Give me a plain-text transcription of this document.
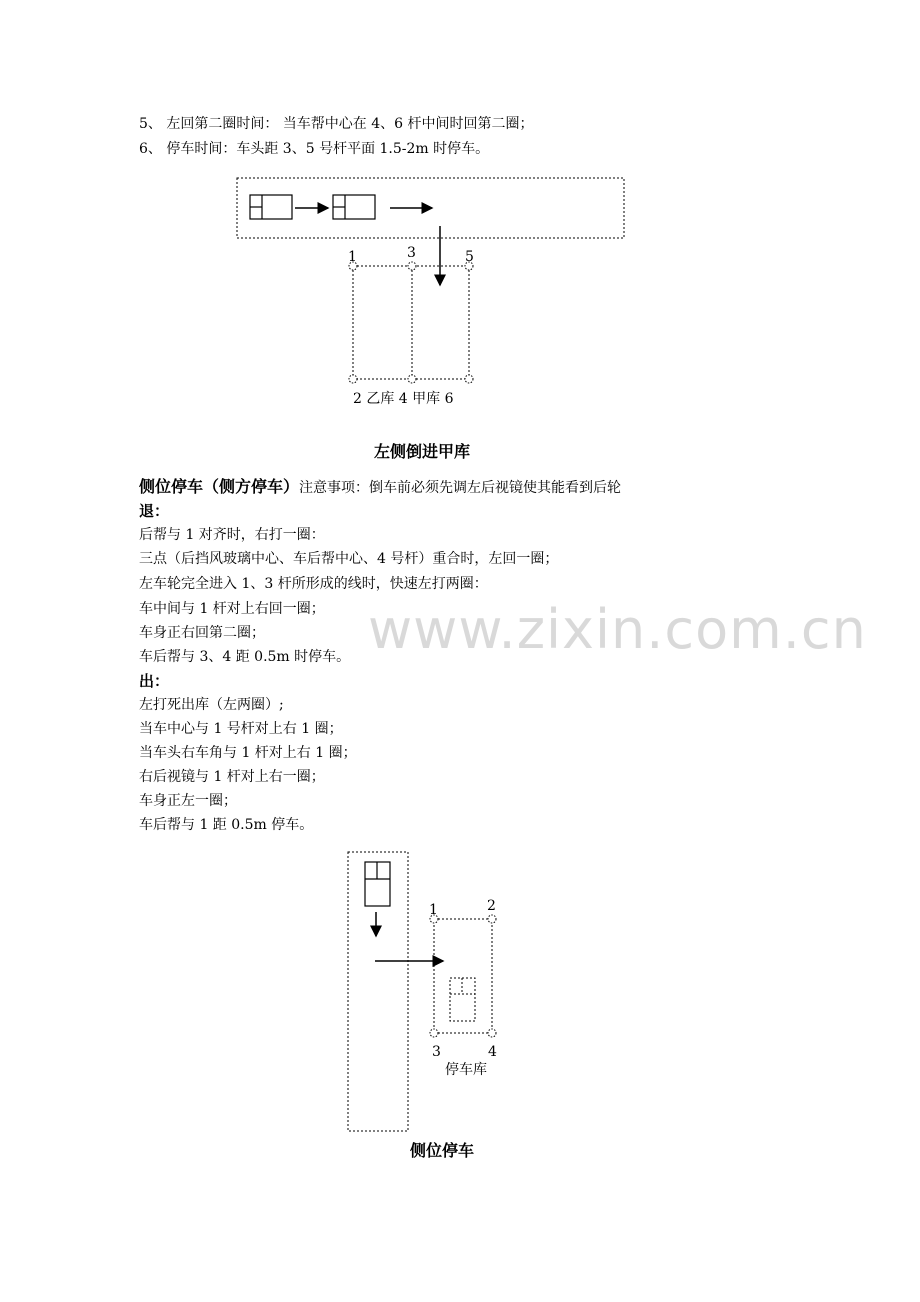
5、 左回第二圈时间： 当车帮中心在 4、6 杆中间时回第二圈；
6、 停车时间：车头距 3、5 号杆平面 1.5-2m 时停车。
1	3	5
2 乙库 4 甲库 6
左侧倒进甲库
侧位停车（侧方停车）注意事项：倒车前必须先调左后视镜使其能看到后轮
退：
后帮与 1 对齐时，右打一圈：
三点（后挡风玻璃中心、车后帮中心、4 号杆）重合时，左回一圈；
左车轮完全进入 1、3 杆所形成的线时，快速左打两圈：
车中间与 1 杆对上右回一圈；
车身正右回第二圈；
车后帮与 3、4 距 0.5m 时停车。
出：
左打死出库（左两圈）;
当车中心与 1 号杆对上右 1 圈；
当车头右车角与 1 杆对上右 1 圈；
右后视镜与 1 杆对上右一圈；
车身正左一圈；
车后帮与 1 距 0.5m 停车。
www.zixin.com.cn
1	2
3	4
停车库
侧位停车
